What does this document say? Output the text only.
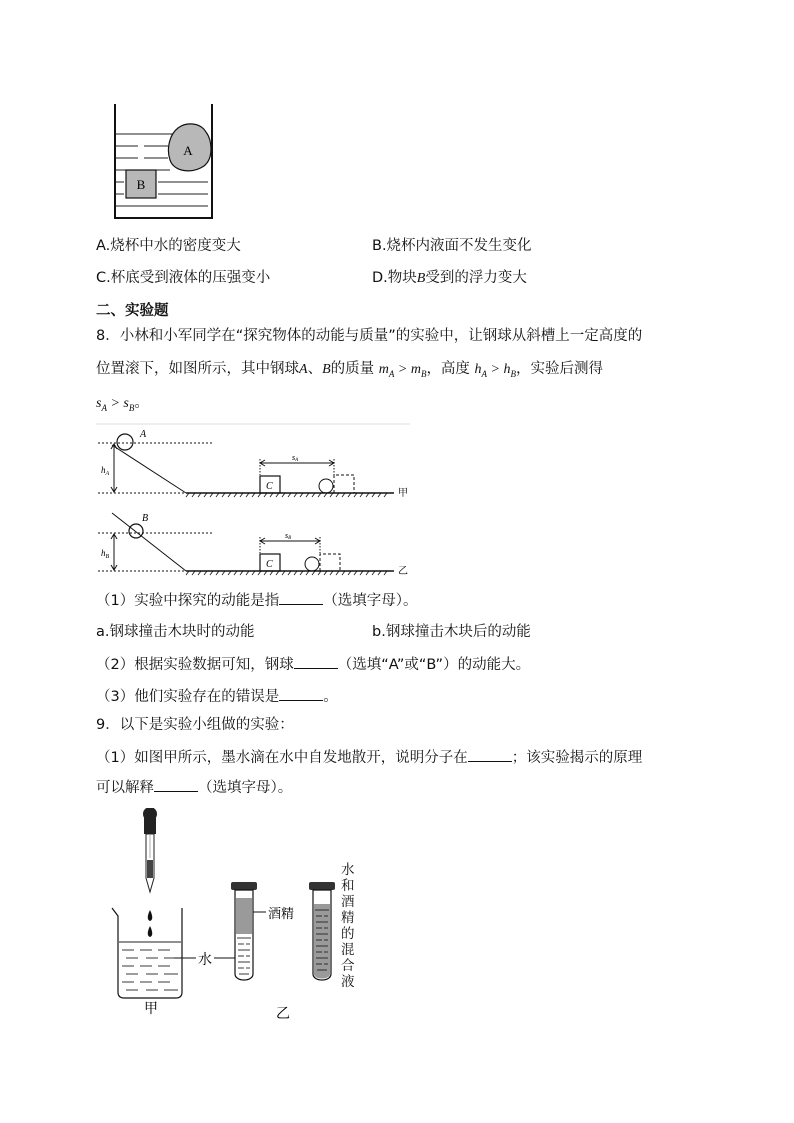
A
B
A.烧杯中水的密度变大	B.烧杯内液面不发生变化
C.杯底受到液体的压强变小	D.物块B受到的浮力变大
二、实验题
8．小林和小军同学在“探究物体的动能与质量”的实验中，让钢球从斜槽上一定高度的
位置滚下，如图所示，其中钢球A、B的质量 $m_A > m_B$，高度 $h_A > h_B$，实验后测得
$s_A > s_B$。
A
$h_A$
C
sA
甲
B
$h_B$
C
sB
乙
（1）实验中探究的动能是指	（选填字母）。
a.钢球撞击木块时的动能	b.钢球撞击木块后的动能
（2）根据实验数据可知，钢球	（选填“A”或“B”）的动能大。
（3）他们实验存在的错误是	。
9．以下是实验小组做的实验：
（1）如图甲所示，墨水滴在水中自发地散开，说明分子在	；该实验揭示的原理
可以解释	（选填字母）。
水
酒精
甲	乙
水和酒精的混合液
